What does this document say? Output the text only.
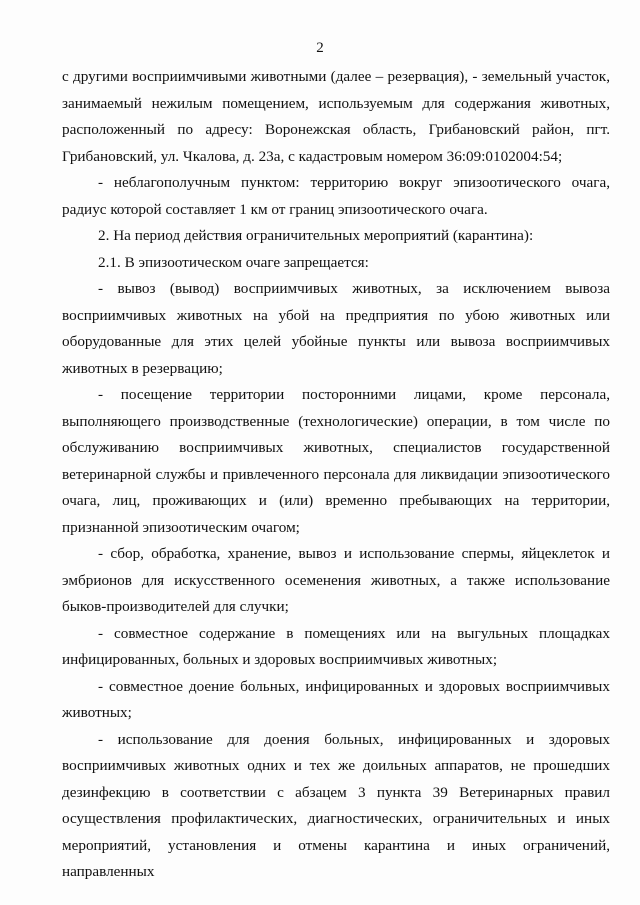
2

с другими восприимчивыми животными (далее – резервация), - земельный участок, занимаемый нежилым помещением, используемым для содержания животных, расположенный по адресу: Воронежская область, Грибановский район, пгт. Грибановский, ул. Чкалова, д. 23а, с кадастровым номером 36:09:0102004:54;

- неблагополучным пунктом: территорию вокруг эпизоотического очага, радиус которой составляет 1 км от границ эпизоотического очага.

2. На период действия ограничительных мероприятий (карантина):

2.1. В эпизоотическом очаге запрещается:

- вывоз (вывод) восприимчивых животных, за исключением вывоза восприимчивых животных на убой на предприятия по убою животных или оборудованные для этих целей убойные пункты или вывоза восприимчивых животных в резервацию;

- посещение территории посторонними лицами, кроме персонала, выполняющего производственные (технологические) операции, в том числе по обслуживанию восприимчивых животных, специалистов государственной ветеринарной службы и привлеченного персонала для ликвидации эпизоотического очага, лиц, проживающих и (или) временно пребывающих на территории, признанной эпизоотическим очагом;

- сбор, обработка, хранение, вывоз и использование спермы, яйцеклеток и эмбрионов для искусственного осеменения животных, а также использование быков-производителей для случки;

- совместное содержание в помещениях или на выгульных площадках инфицированных, больных и здоровых восприимчивых животных;

- совместное доение больных, инфицированных и здоровых восприимчивых животных;

- использование для доения больных, инфицированных и здоровых восприимчивых животных одних и тех же доильных аппаратов, не прошедших дезинфекцию в соответствии с абзацем 3 пункта 39 Ветеринарных правил осуществления профилактических, диагностических, ограничительных и иных мероприятий, установления и отмены карантина и иных ограничений, направленных
